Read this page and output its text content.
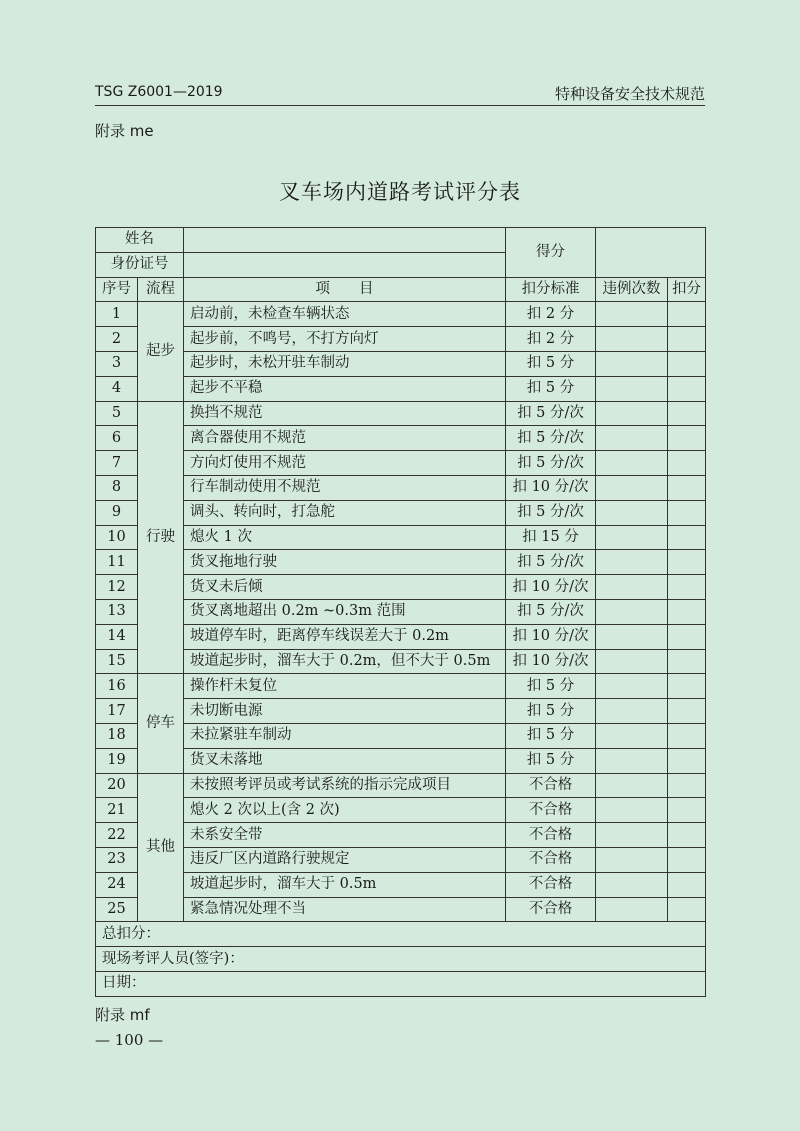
TSG Z6001—2019	特种设备安全技术规范
附录 me
叉车场内道路考试评分表
姓名			得分		
身份证号					
序号	流程	项　　目	扣分标准	违例次数	扣分
1	起步	启动前，未检查车辆状态	扣 2 分		
2		起步前，不鸣号，不打方向灯	扣 2 分		
3		起步时，未松开驻车制动	扣 5 分		
4		起步不平稳	扣 5 分		
5	行驶	换挡不规范	扣 5 分/次		
6		离合器使用不规范	扣 5 分/次		
7		方向灯使用不规范	扣 5 分/次		
8		行车制动使用不规范	扣 10 分/次		
9		调头、转向时，打急舵	扣 5 分/次		
10		熄火 1 次	扣 15 分		
11		货叉拖地行驶	扣 5 分/次		
12		货叉未后倾	扣 10 分/次		
13		货叉离地超出 0.2m ~0.3m 范围	扣 5 分/次		
14		坡道停车时，距离停车线误差大于 0.2m	扣 10 分/次		
15		坡道起步时，溜车大于 0.2m，但不大于 0.5m	扣 10 分/次		
16	停车	操作杆未复位	扣 5 分		
17		未切断电源	扣 5 分		
18		未拉紧驻车制动	扣 5 分		
19		货叉未落地	扣 5 分		
20	其他	未按照考评员或考试系统的指示完成项目	不合格		
21		熄火 2 次以上(含 2 次)	不合格		
22		未系安全带	不合格		
23		违反厂区内道路行驶规定	不合格		
24		坡道起步时，溜车大于 0.5m	不合格		
25		紧急情况处理不当	不合格		
总扣分：					
现场考评人员(签字)：					
日期：					
附录 mf
— 100 —
